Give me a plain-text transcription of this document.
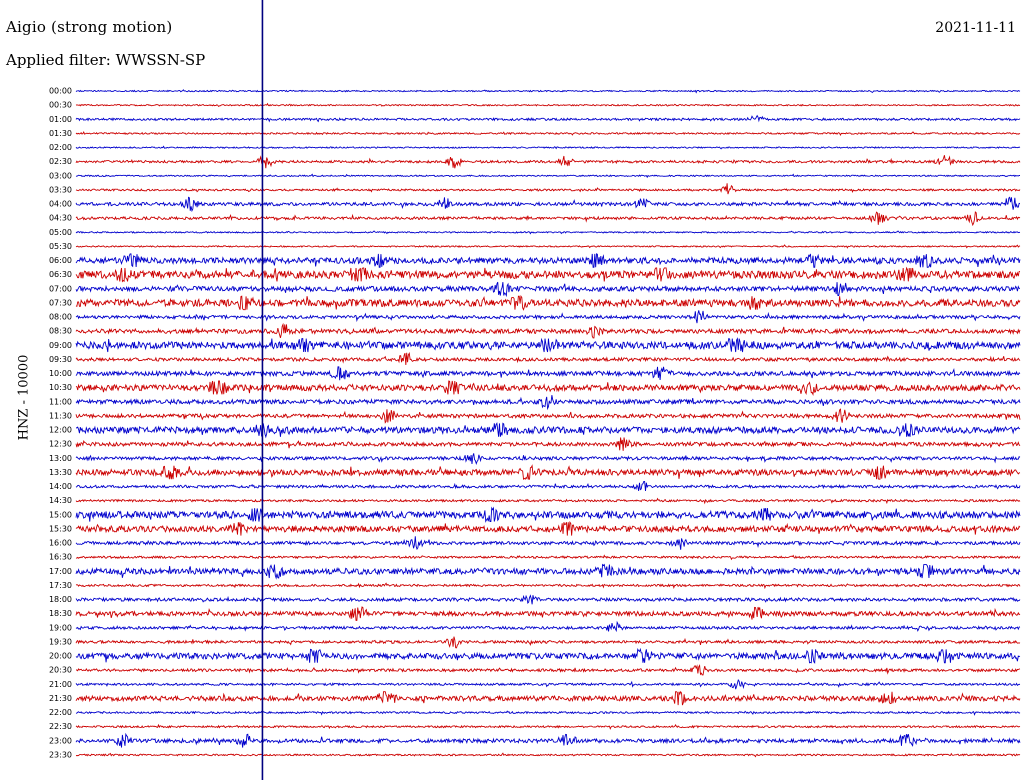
Aigio (strong motion)
Applied filter: WWSSN-SP
2021-11-11
HNZ - 10000
00:00
00:30
01:00
01:30
02:00
02:30
03:00
03:30
04:00
04:30
05:00
05:30
06:00
06:30
07:00
07:30
08:00
08:30
09:00
09:30
10:00
10:30
11:00
11:30
12:00
12:30
13:00
13:30
14:00
14:30
15:00
15:30
16:00
16:30
17:00
17:30
18:00
18:30
19:00
19:30
20:00
20:30
21:00
21:30
22:00
22:30
23:00
23:30
